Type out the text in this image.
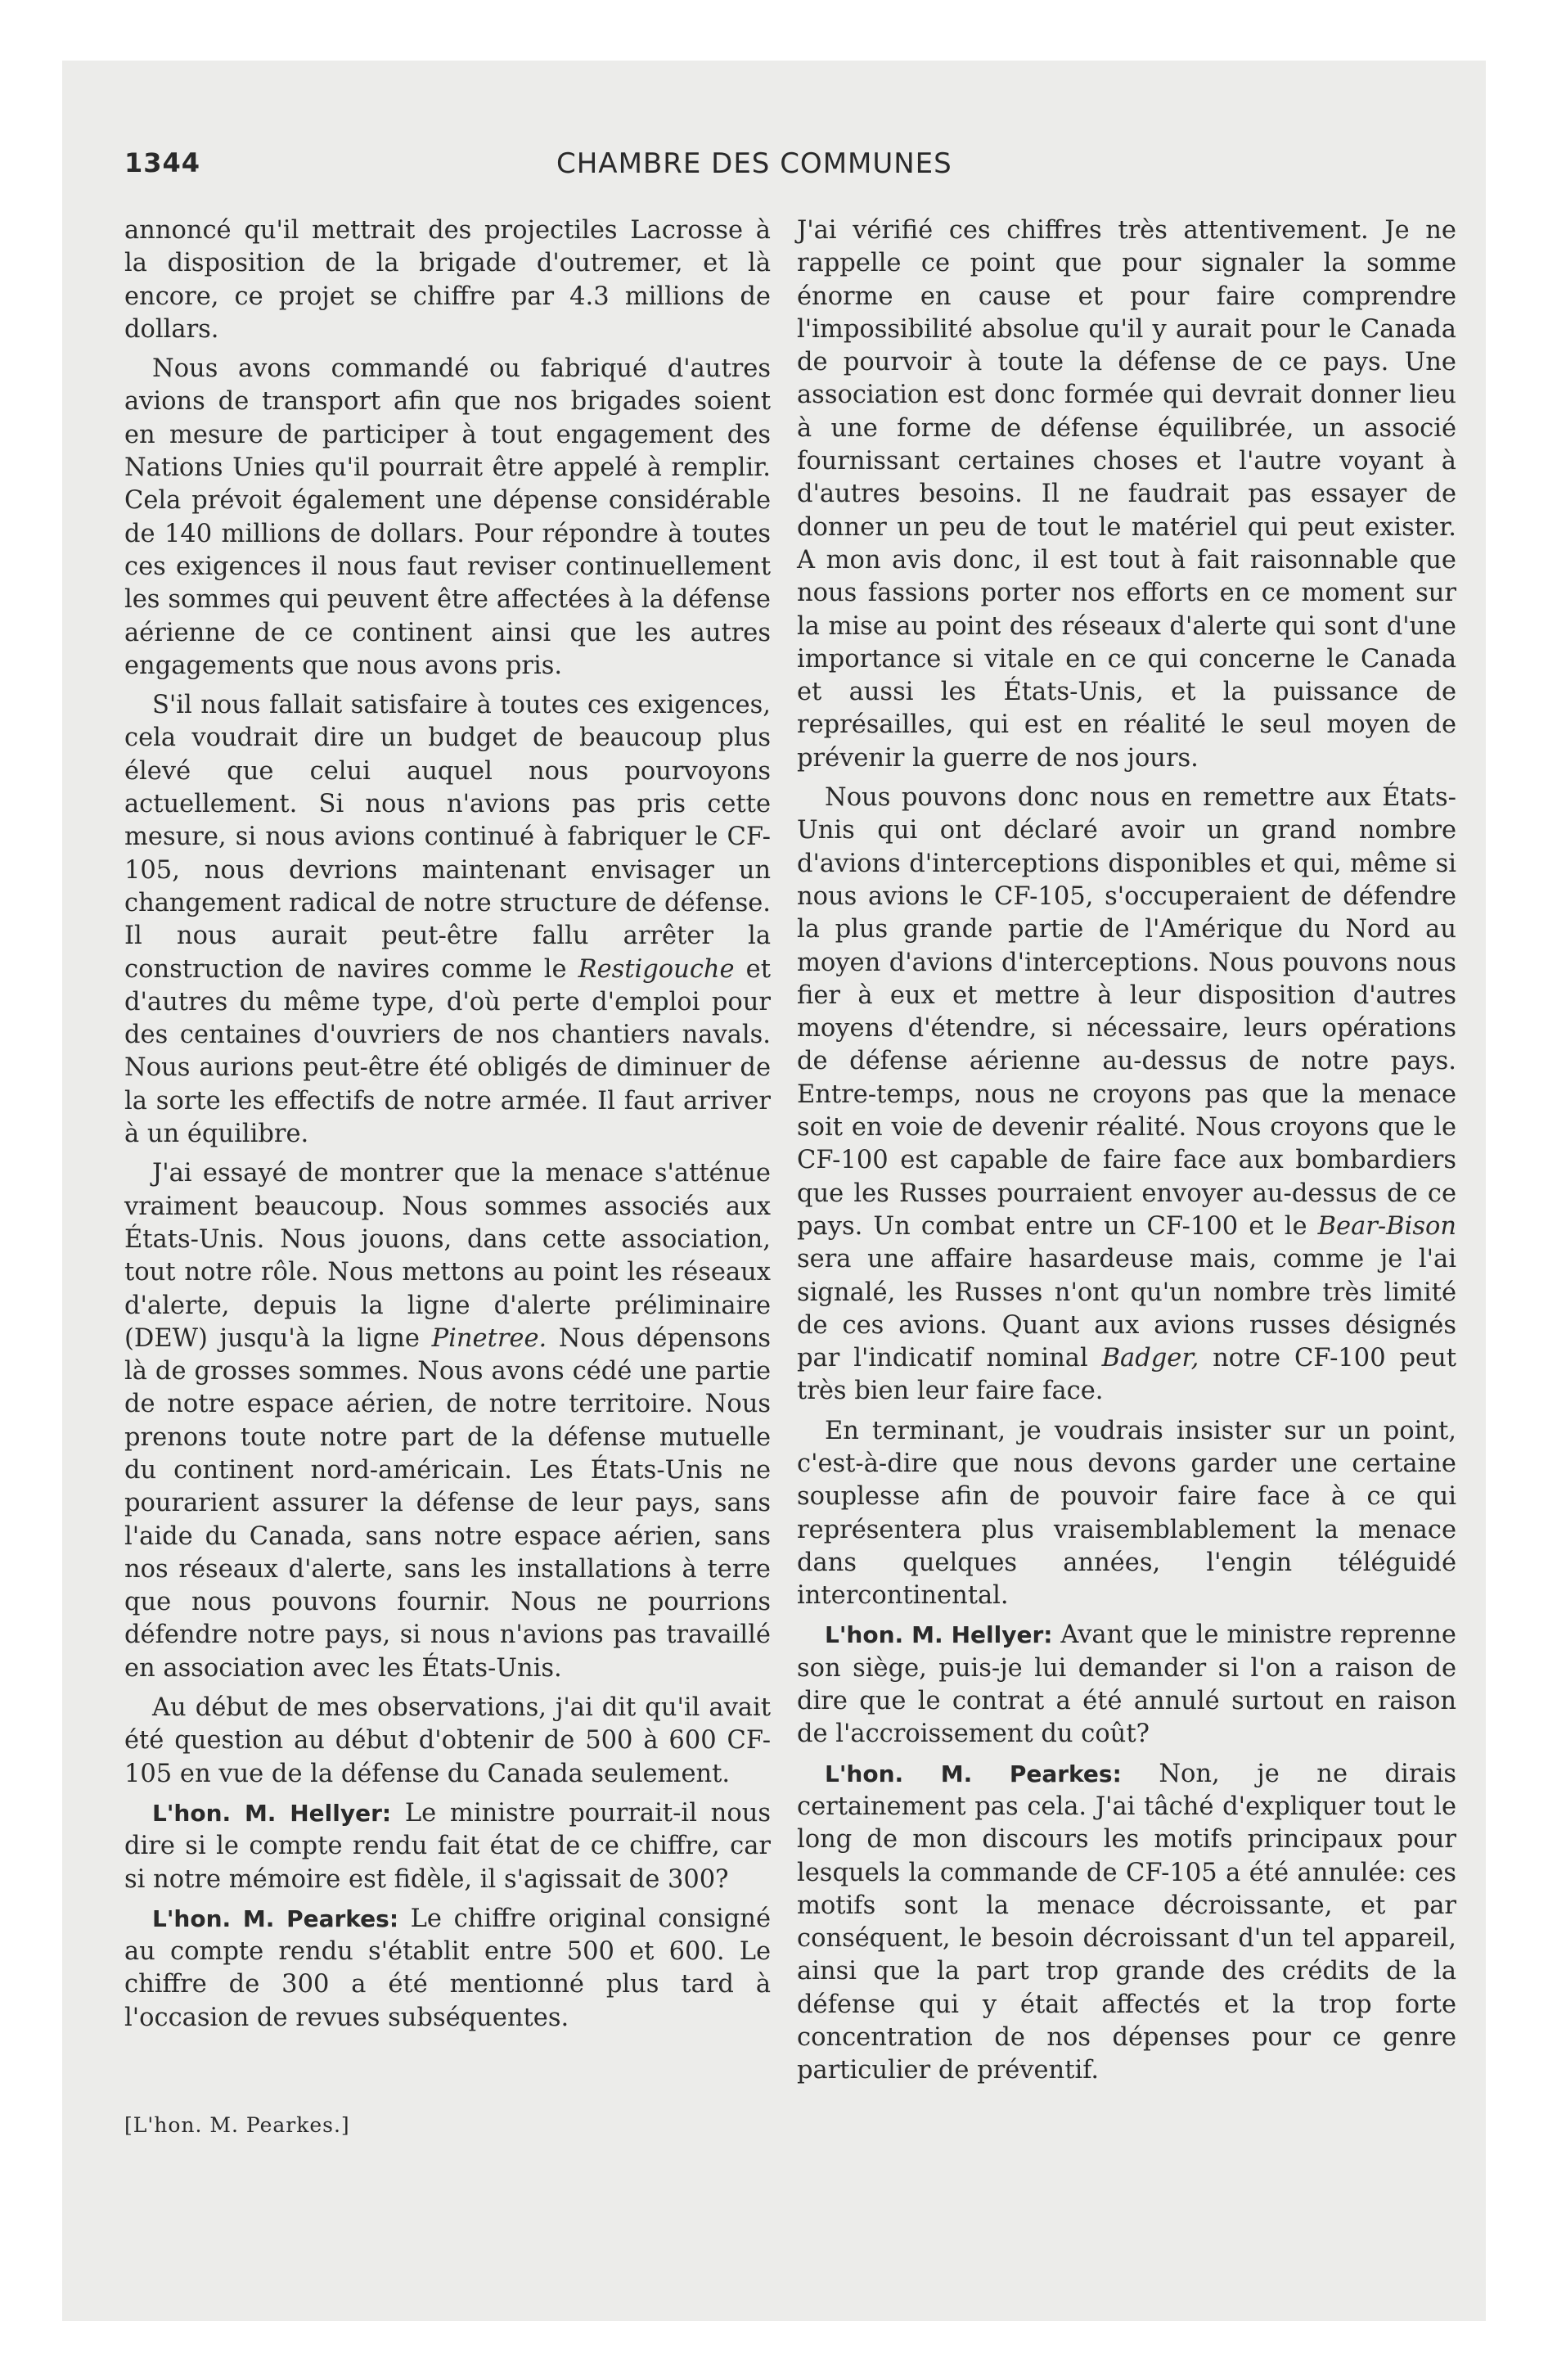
1344	CHAMBRE DES COMMUNES

annoncé qu'il mettrait des projectiles Lacrosse à la disposition de la brigade d'outremer, et là encore, ce projet se chiffre par 4.3 millions de dollars.

Nous avons commandé ou fabriqué d'autres avions de transport afin que nos brigades soient en mesure de participer à tout engagement des Nations Unies qu'il pourrait être appelé à remplir. Cela prévoit également une dépense considérable de 140 millions de dollars. Pour répondre à toutes ces exigences il nous faut reviser continuellement les sommes qui peuvent être affectées à la défense aérienne de ce continent ainsi que les autres engagements que nous avons pris.

S'il nous fallait satisfaire à toutes ces exigences, cela voudrait dire un budget de beaucoup plus élevé que celui auquel nous pourvoyons actuellement. Si nous n'avions pas pris cette mesure, si nous avions continué à fabriquer le CF-105, nous devrions maintenant envisager un changement radical de notre structure de défense. Il nous aurait peut-être fallu arrêter la construction de navires comme le Restigouche et d'autres du même type, d'où perte d'emploi pour des centaines d'ouvriers de nos chantiers navals. Nous aurions peut-être été obligés de diminuer de la sorte les effectifs de notre armée. Il faut arriver à un équilibre.

J'ai essayé de montrer que la menace s'atténue vraiment beaucoup. Nous sommes associés aux États-Unis. Nous jouons, dans cette association, tout notre rôle. Nous mettons au point les réseaux d'alerte, depuis la ligne d'alerte préliminaire (DEW) jusqu'à la ligne Pinetree. Nous dépensons là de grosses sommes. Nous avons cédé une partie de notre espace aérien, de notre territoire. Nous prenons toute notre part de la défense mutuelle du continent nord-américain. Les États-Unis ne pourarient assurer la défense de leur pays, sans l'aide du Canada, sans notre espace aérien, sans nos réseaux d'alerte, sans les installations à terre que nous pouvons fournir. Nous ne pourrions défendre notre pays, si nous n'avions pas travaillé en association avec les États-Unis.

Au début de mes observations, j'ai dit qu'il avait été question au début d'obtenir de 500 à 600 CF-105 en vue de la défense du Canada seulement.

L'hon. M. Hellyer: Le ministre pourrait-il nous dire si le compte rendu fait état de ce chiffre, car si notre mémoire est fidèle, il s'agissait de 300?

L'hon. M. Pearkes: Le chiffre original consigné au compte rendu s'établit entre 500 et 600. Le chiffre de 300 a été mentionné plus tard à l'occasion de revues subséquentes.

[L'hon. M. Pearkes.]

J'ai vérifié ces chiffres très attentivement. Je ne rappelle ce point que pour signaler la somme énorme en cause et pour faire comprendre l'impossibilité absolue qu'il y aurait pour le Canada de pourvoir à toute la défense de ce pays. Une association est donc formée qui devrait donner lieu à une forme de défense équilibrée, un associé fournissant certaines choses et l'autre voyant à d'autres besoins. Il ne faudrait pas essayer de donner un peu de tout le matériel qui peut exister. A mon avis donc, il est tout à fait raisonnable que nous fassions porter nos efforts en ce moment sur la mise au point des réseaux d'alerte qui sont d'une importance si vitale en ce qui concerne le Canada et aussi les États-Unis, et la puissance de représailles, qui est en réalité le seul moyen de prévenir la guerre de nos jours.

Nous pouvons donc nous en remettre aux États-Unis qui ont déclaré avoir un grand nombre d'avions d'interceptions disponibles et qui, même si nous avions le CF-105, s'occuperaient de défendre la plus grande partie de l'Amérique du Nord au moyen d'avions d'interceptions. Nous pouvons nous fier à eux et mettre à leur disposition d'autres moyens d'étendre, si nécessaire, leurs opérations de défense aérienne au-dessus de notre pays. Entre-temps, nous ne croyons pas que la menace soit en voie de devenir réalité. Nous croyons que le CF-100 est capable de faire face aux bombardiers que les Russes pourraient envoyer au-dessus de ce pays. Un combat entre un CF-100 et le Bear-Bison sera une affaire hasardeuse mais, comme je l'ai signalé, les Russes n'ont qu'un nombre très limité de ces avions. Quant aux avions russes désignés par l'indicatif nominal Badger, notre CF-100 peut très bien leur faire face.

En terminant, je voudrais insister sur un point, c'est-à-dire que nous devons garder une certaine souplesse afin de pouvoir faire face à ce qui représentera plus vraisemblablement la menace dans quelques années, l'engin téléguidé intercontinental.

L'hon. M. Hellyer: Avant que le ministre reprenne son siège, puis-je lui demander si l'on a raison de dire que le contrat a été annulé surtout en raison de l'accroissement du coût?

L'hon. M. Pearkes: Non, je ne dirais certainement pas cela. J'ai tâché d'expliquer tout le long de mon discours les motifs principaux pour lesquels la commande de CF-105 a été annulée: ces motifs sont la menace décroissante, et par conséquent, le besoin décroissant d'un tel appareil, ainsi que la part trop grande des crédits de la défense qui y était affectés et la trop forte concentration de nos dépenses pour ce genre particulier de préventif.
